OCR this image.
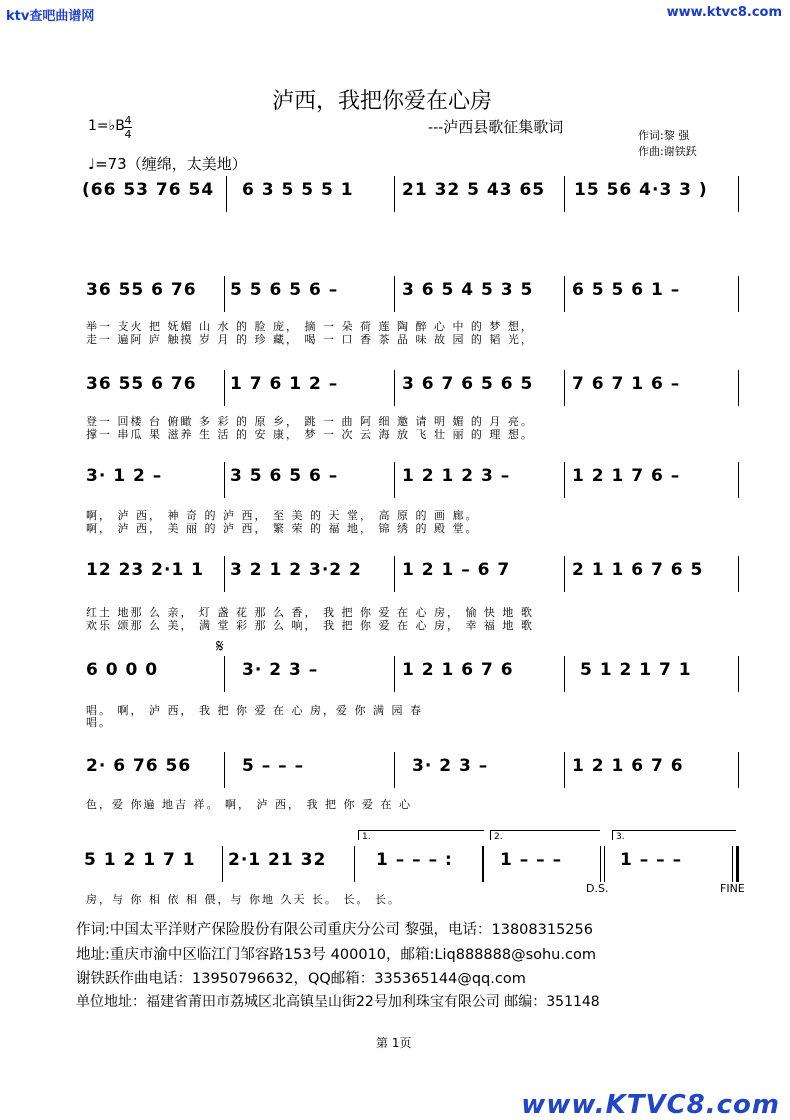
ktv查吧曲谱网	www.ktvc8.com
泸西，我把你爱在心房
---泸西县歌征集歌词
1=♭B 4
4
♩=73（缠绵，太美地）
作词:黎 强
作曲:谢铁跃
(66 53 76 54 6 3 5 5 5 1	21 32 5 43 65 15 56 4·3 3 )
36 55 6 76 5 5 6 5 6 –	3 6 5 4 5 3 5 6 5 5 6 1 –
举一 支火 把 妩媚 山 水 的 脸 庞， 摘 一 朵 荷 莲 陶 醉 心 中 的 梦 想，
走一 遍阿 庐 触摸 岁 月 的 珍 藏， 喝 一 口 香 茶 品 味 故 园 的 韬 光，
36 55 6 76 1 7 6 1 2 –	3 6 7 6 5 6 5 7 6 7 1 6 –
登一 回楼 台 俯瞰 多 彩 的 原 乡， 跳 一 曲 阿 细 邀 请 明 媚 的 月 亮。
撑一 串瓜 果 滋养 生 活 的 安 康， 梦 一 次 云 海 放 飞 壮 丽 的 理 想。
3· 1 2 –	3 5 6 5 6 –	1 2 1 2 3 –	1 2 1 7 6 –
啊， 泸 西， 神 奇 的 泸 西， 至 美 的 天 堂， 高 原 的 画 廊。
啊， 泸 西， 美 丽 的 泸 西， 繁 荣 的 福 地， 锦 绣 的 殿 堂。
12 23 2·1 1 3 2 1 2 3·2 2 1 2 1 – 6 7	2 1 1 6 7 6 5
红土 地那 么 亲， 灯 盏 花 那 么 香， 我 把 你 爱 在 心 房， 愉 快 地 歌
欢乐 颂那 么 美， 满 堂 彩 那 么 响， 我 把 你 爱 在 心 房， 幸 福 地 歌
𝄋
6 0 0 0	3· 2 3 –	1 2 1 6 7 6	5 1 2 1 7 1
唱。 啊， 泸 西， 我 把 你 爱 在 心 房，爱 你 满 园 春
唱。
2· 6 76 56	5 – – –	3· 2 3 –	1 2 1 6 7 6
色，爱 你遍 地吉 祥。 啊， 泸 西， 我 把 你 爱 在 心
1.	2.	3.
5 1 2 1 7 1 2·1 21 32	1 – – – :	1 – – –	1 – – –
房，与 你 相 依 相 偎，与 你地 久天 长。 长。 长。
D.S.	FINE
作词:中国太平洋财产保险股份有限公司重庆分公司 黎强，电话：13808315256
地址:重庆市渝中区临江门邹容路153号 400010，邮箱:Liq888888@sohu.com
谢铁跃作曲电话：13950796632，QQ邮箱：335365144@qq.com
单位地址：福建省莆田市荔城区北高镇呈山街22号加利珠宝有限公司 邮编：351148
第 1页
www.KTVC8.com
